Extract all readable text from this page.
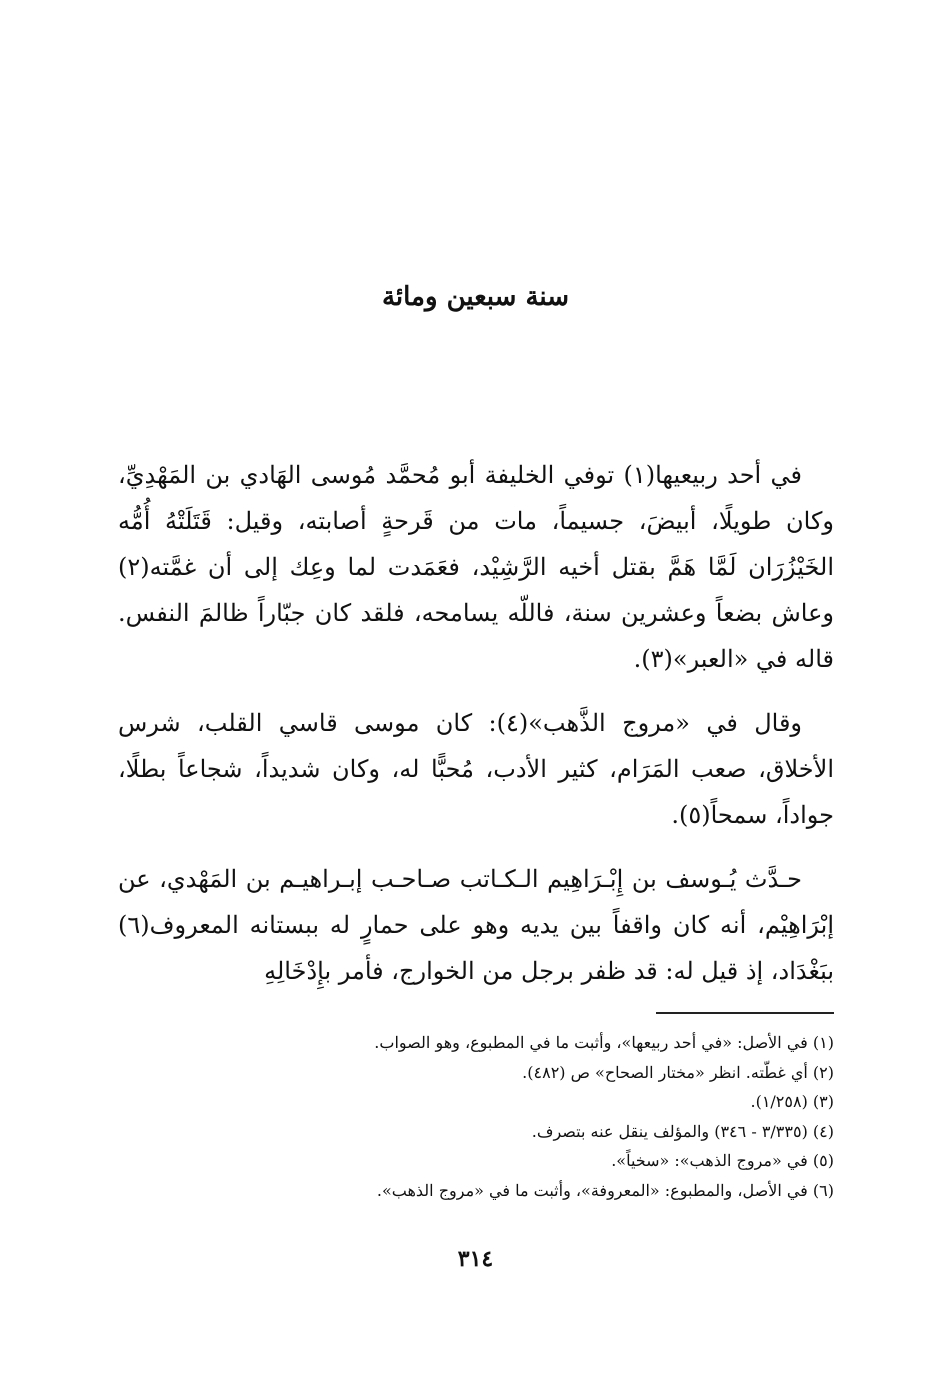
سنة سبعين ومائة

في أحد ربيعيها(١) توفي الخليفة أبو مُحمَّد مُوسى الهَادي بن المَهْدِيِّ، وكان طويلًا، أبيضَ، جسيماً، مات من قَرحةٍ أصابته، وقيل: قَتَلَتْهُ أُمُّه الخَيْزُرَان لَمَّا هَمَّ بقتل أخيه الرَّشِيْد، فعَمَدت لما وعِك إلى أن غمَّته(٢) وعاش بضعاً وعشرين سنة، فاللّه يسامحه، فلقد كان جبّاراً ظالمَ النفس. قاله في «العبر»(٣).

وقال في «مروج الذَّهب»(٤): كان موسى قاسي القلب، شرس الأخلاق، صعب المَرَام، كثير الأدب، مُحبًّا له، وكان شديداً، شجاعاً بطلًا، جواداً، سمحاً(٥).

حـدَّث يُـوسف بن إِبْـرَاهِيم الـكـاتب صـاحـب إبـراهيـم بن المَهْدي، عن إبْرَاهِيْم، أنه كان واقفاً بين يديه وهو على حمارٍ له ببستانه المعروف(٦) ببَغْدَاد، إذ قيل له: قد ظفر برجل من الخوارج، فأمر بإِدْخَالِهِ

(١) في الأصل: «في أحد ربيعها»، وأثبت ما في المطبوع، وهو الصواب.
(٢) أي غطّته. انظر «مختار الصحاح» ص (٤٨٢).
(٣) (١/٢٥٨).
(٤) (٣/٣٣٥ - ٣٤٦) والمؤلف ينقل عنه بتصرف.
(٥) في «مروج الذهب»: «سخياً».
(٦) في الأصل، والمطبوع: «المعروفة»، وأثبت ما في «مروج الذهب».
٣١٤
